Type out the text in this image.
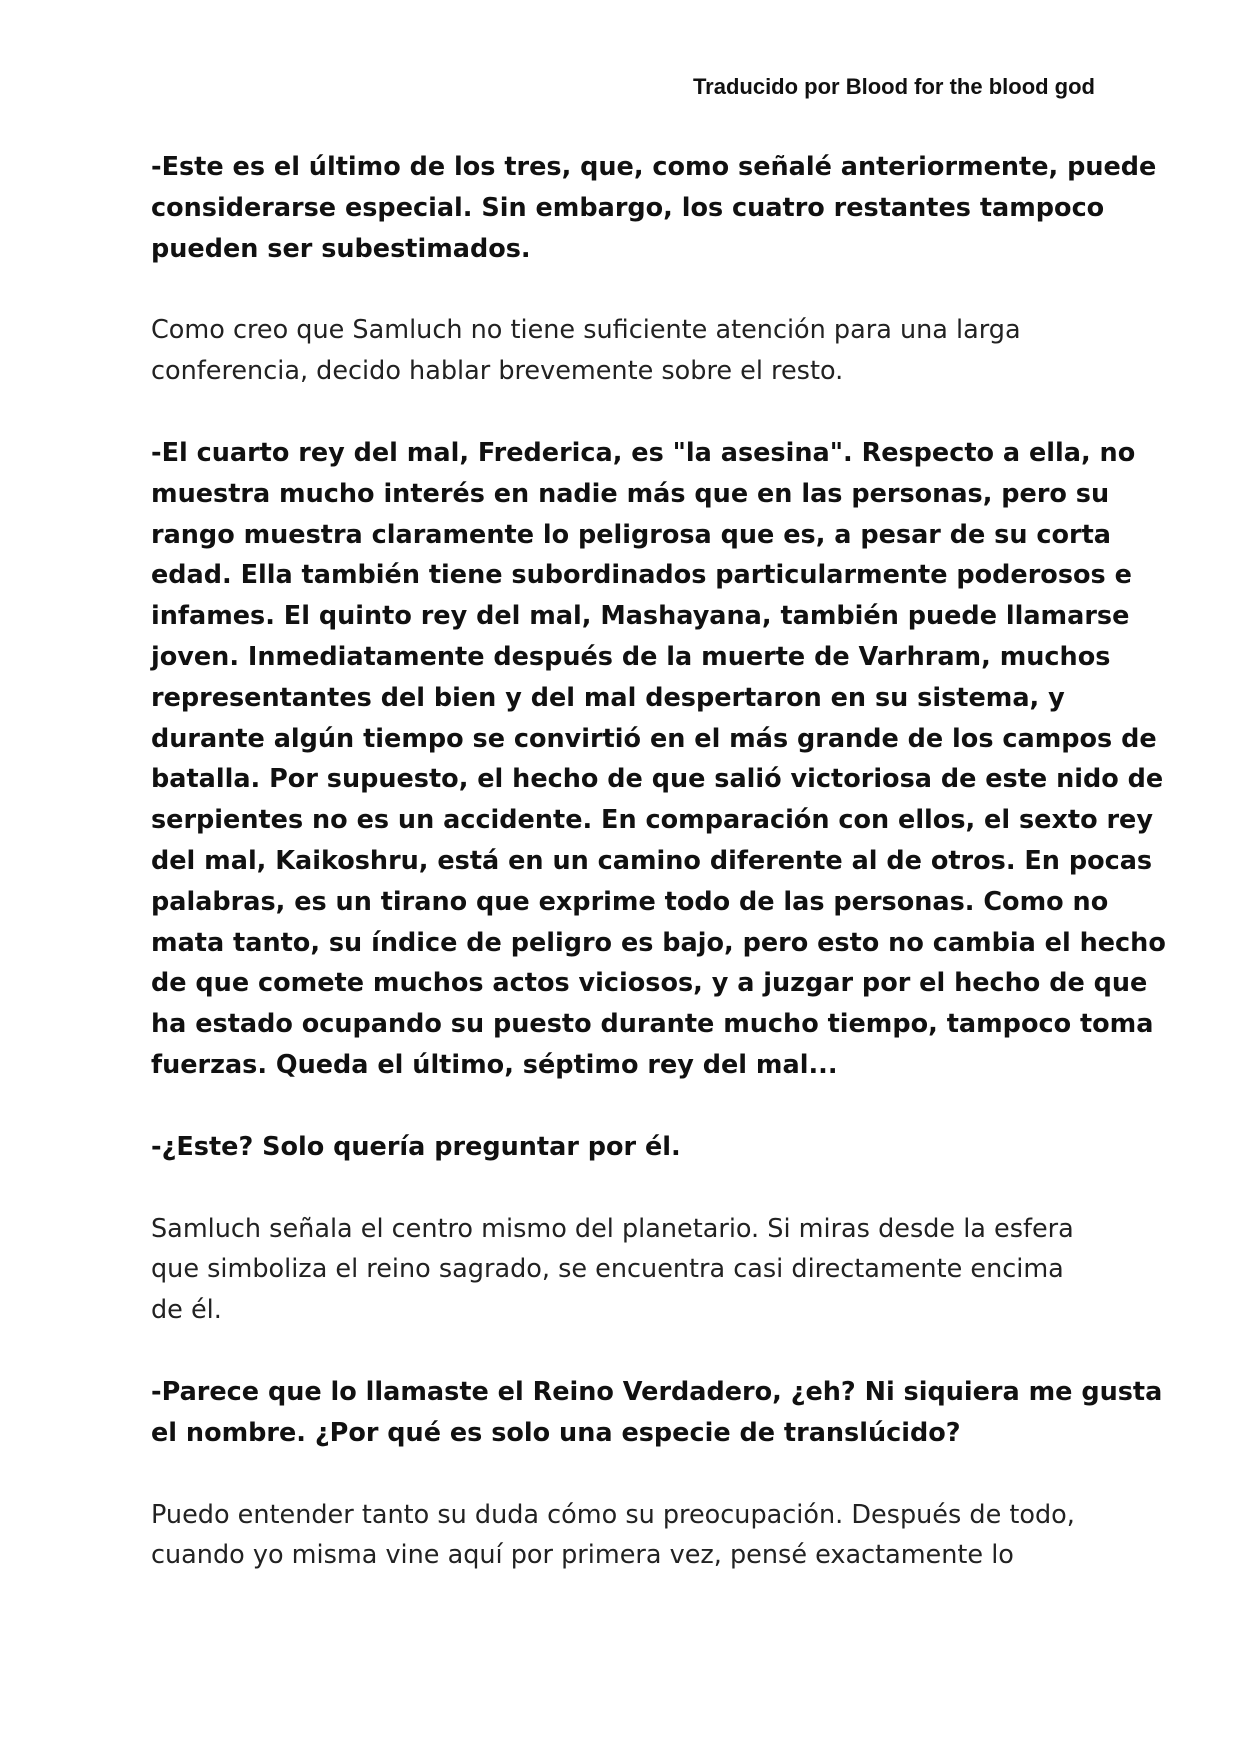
Traducido por Blood for the blood god

-Este es el último de los tres, que, como señalé anteriormente, puede
considerarse especial. Sin embargo, los cuatro restantes tampoco
pueden ser subestimados.

Como creo que Samluch no tiene suficiente atención para una larga
conferencia, decido hablar brevemente sobre el resto.

-El cuarto rey del mal, Frederica, es "la asesina". Respecto a ella, no
muestra mucho interés en nadie más que en las personas, pero su
rango muestra claramente lo peligrosa que es, a pesar de su corta
edad. Ella también tiene subordinados particularmente poderosos e
infames. El quinto rey del mal, Mashayana, también puede llamarse
joven. Inmediatamente después de la muerte de Varhram, muchos
representantes del bien y del mal despertaron en su sistema, y
durante algún tiempo se convirtió en el más grande de los campos de
batalla. Por supuesto, el hecho de que salió victoriosa de este nido de
serpientes no es un accidente. En comparación con ellos, el sexto rey
del mal, Kaikoshru, está en un camino diferente al de otros. En pocas
palabras, es un tirano que exprime todo de las personas. Como no
mata tanto, su índice de peligro es bajo, pero esto no cambia el hecho
de que comete muchos actos viciosos, y a juzgar por el hecho de que
ha estado ocupando su puesto durante mucho tiempo, tampoco toma
fuerzas. Queda el último, séptimo rey del mal...

-¿Este? Solo quería preguntar por él.

Samluch señala el centro mismo del planetario. Si miras desde la esfera
que simboliza el reino sagrado, se encuentra casi directamente encima
de él.

-Parece que lo llamaste el Reino Verdadero, ¿eh? Ni siquiera me gusta
el nombre. ¿Por qué es solo una especie de translúcido?

Puedo entender tanto su duda cómo su preocupación. Después de todo,
cuando yo misma vine aquí por primera vez, pensé exactamente lo
